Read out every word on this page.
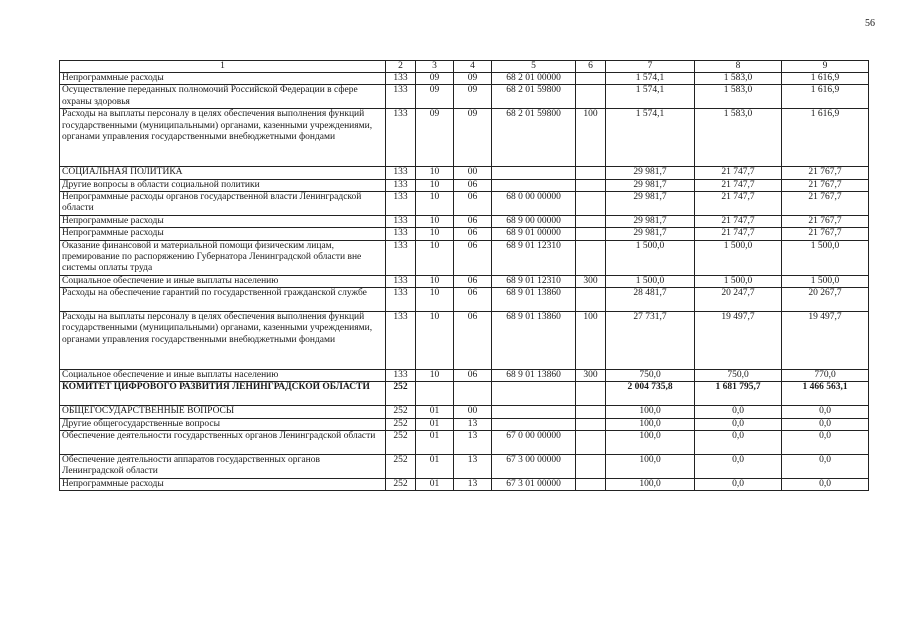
56
1	2	3	4	5	6	7	8	9
Непрограммные расходы	133	09	09	68 2 01 00000		1 574,1	1 583,0	1 616,9
Осуществление переданных полномочий Российской Федерации в сфере охраны здоровья	133	09	09	68 2 01 59800		1 574,1	1 583,0	1 616,9
Расходы на выплаты персоналу в целях обеспечения выполнения функций государственными (муниципальными) органами, казенными учреждениями, органами управления государственными внебюджетными фондами	133	09	09	68 2 01 59800	100	1 574,1	1 583,0	1 616,9
СОЦИАЛЬНАЯ ПОЛИТИКА	133	10	00			29 981,7	21 747,7	21 767,7
Другие вопросы в области социальной политики	133	10	06			29 981,7	21 747,7	21 767,7
Непрограммные расходы органов государственной власти Ленинградской области	133	10	06	68 0 00 00000		29 981,7	21 747,7	21 767,7
Непрограммные расходы	133	10	06	68 9 00 00000		29 981,7	21 747,7	21 767,7
Непрограммные расходы	133	10	06	68 9 01 00000		29 981,7	21 747,7	21 767,7
Оказание финансовой и материальной помощи физическим лицам, премирование по распоряжению Губернатора Ленинградской области вне системы оплаты труда	133	10	06	68 9 01 12310		1 500,0	1 500,0	1 500,0
Социальное обеспечение и иные выплаты населению	133	10	06	68 9 01 12310	300	1 500,0	1 500,0	1 500,0
Расходы на обеспечение гарантий по государственной гражданской службе	133	10	06	68 9 01 13860		28 481,7	20 247,7	20 267,7
Расходы на выплаты персоналу в целях обеспечения выполнения функций государственными (муниципальными) органами, казенными учреждениями, органами управления государственными внебюджетными фондами	133	10	06	68 9 01 13860	100	27 731,7	19 497,7	19 497,7
Социальное обеспечение и иные выплаты населению	133	10	06	68 9 01 13860	300	750,0	750,0	770,0
КОМИТЕТ ЦИФРОВОГО РАЗВИТИЯ ЛЕНИНГРАДСКОЙ ОБЛАСТИ	252					2 004 735,8	1 681 795,7	1 466 563,1
ОБЩЕГОСУДАРСТВЕННЫЕ ВОПРОСЫ	252	01	00			100,0	0,0	0,0
Другие общегосударственные вопросы	252	01	13			100,0	0,0	0,0
Обеспечение деятельности государственных органов Ленинградской области	252	01	13	67 0 00 00000		100,0	0,0	0,0
Обеспечение деятельности аппаратов государственных органов Ленинградской области	252	01	13	67 3 00 00000		100,0	0,0	0,0
Непрограммные расходы	252	01	13	67 3 01 00000		100,0	0,0	0,0
